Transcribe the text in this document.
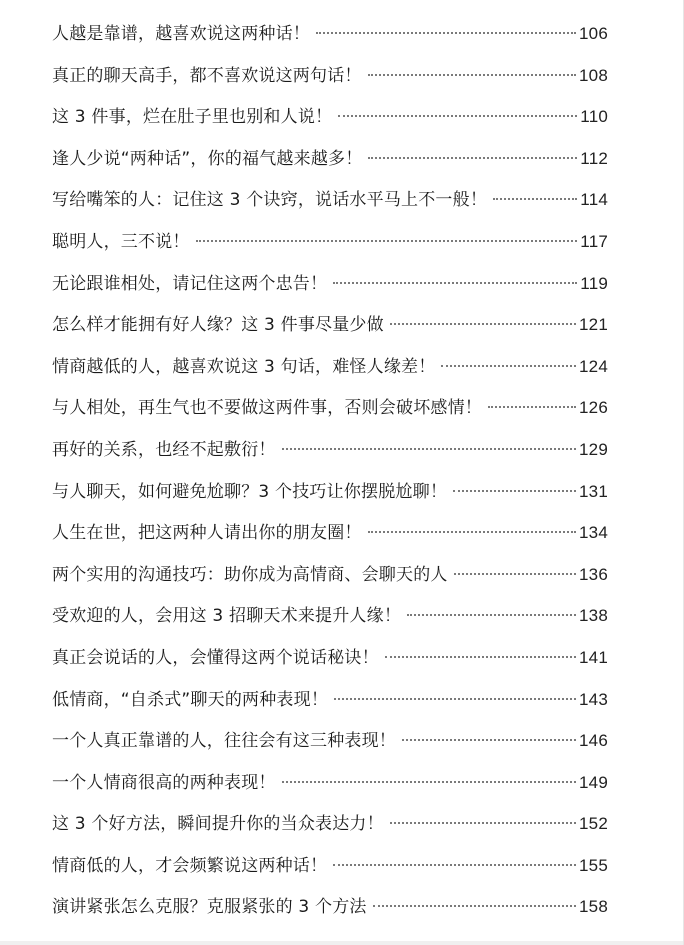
人越是靠谱，越喜欢说这两种话！	106
真正的聊天高手，都不喜欢说这两句话！	108
这 3 件事，烂在肚子里也别和人说！	110
逢人少说“两种话”，你的福气越来越多！	112
写给嘴笨的人：记住这 3 个诀窍，说话水平马上不一般！	114
聪明人，三不说！	117
无论跟谁相处，请记住这两个忠告！	119
怎么样才能拥有好人缘？这 3 件事尽量少做	121
情商越低的人，越喜欢说这 3 句话，难怪人缘差！	124
与人相处，再生气也不要做这两件事，否则会破坏感情！	126
再好的关系，也经不起敷衍！	129
与人聊天，如何避免尬聊？3 个技巧让你摆脱尬聊！	131
人生在世，把这两种人请出你的朋友圈！	134
两个实用的沟通技巧：助你成为高情商、会聊天的人	136
受欢迎的人，会用这 3 招聊天术来提升人缘！	138
真正会说话的人，会懂得这两个说话秘诀！	141
低情商，“自杀式”聊天的两种表现！	143
一个人真正靠谱的人，往往会有这三种表现！	146
一个人情商很高的两种表现！	149
这 3 个好方法，瞬间提升你的当众表达力！	152
情商低的人，才会频繁说这两种话！	155
演讲紧张怎么克服？克服紧张的 3 个方法	158
